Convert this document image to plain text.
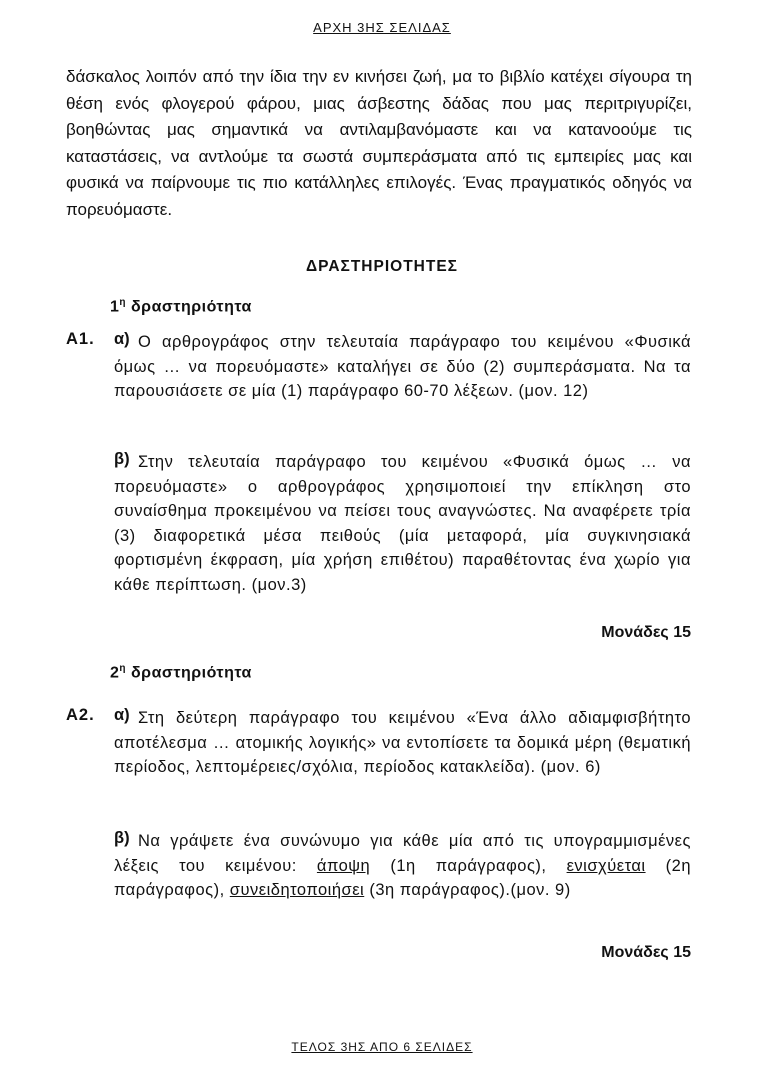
ΑΡΧΗ 3ΗΣ ΣΕΛΙΔΑΣ

δάσκαλος λοιπόν από την ίδια την εν κινήσει ζωή, μα το βιβλίο κατέχει σίγουρα τη θέση ενός φλογερού φάρου, μιας άσβεστης δάδας που μας περιτριγυρίζει, βοηθώντας μας σημαντικά να αντιλαμβανόμαστε και να κατανοούμε τις καταστάσεις, να αντλούμε τα σωστά συμπεράσματα από τις εμπειρίες μας και φυσικά να παίρνουμε τις πιο κατάλληλες επιλογές. Ένας πραγματικός οδηγός να πορευόμαστε.

ΔΡΑΣΤΗΡΙΟΤΗΤΕΣ
$1^\eta$ δραστηριότητα
Α1. α) Ο αρθρογράφος στην τελευταία παράγραφο του κειμένου «Φυσικά όμως … να πορευόμαστε» καταλήγει σε δύο (2) συμπεράσματα. Να τα παρουσιάσετε σε μία (1) παράγραφο 60-70 λέξεων. (μον. 12)

β) Στην τελευταία παράγραφο του κειμένου «Φυσικά όμως … να πορευόμαστε» ο αρθρογράφος χρησιμοποιεί την επίκληση στο συναίσθημα προκειμένου να πείσει τους αναγνώστες. Να αναφέρετε τρία (3) διαφορετικά μέσα πειθούς (μία μεταφορά, μία συγκινησιακά φορτισμένη έκφραση, μία χρήση επιθέτου) παραθέτοντας ένα χωρίο για κάθε περίπτωση. (μον.3)

Μονάδες 15
$2^\eta$ δραστηριότητα
Α2. α) Στη δεύτερη παράγραφο του κειμένου «Ένα άλλο αδιαμφισβήτητο αποτέλεσμα … ατομικής λογικής» να εντοπίσετε τα δομικά μέρη (θεματική περίοδος, λεπτομέρειες/σχόλια, περίοδος κατακλείδα). (μον. 6)

β) Να γράψετε ένα συνώνυμο για κάθε μία από τις υπογραμμισμένες λέξεις του κειμένου: άποψη (1η παράγραφος), ενισχύεται (2η παράγραφος), συνειδητοποιήσει (3η παράγραφος).(μον. 9)

Μονάδες 15
ΤΕΛΟΣ 3ΗΣ ΑΠΟ 6 ΣΕΛΙΔΕΣ
